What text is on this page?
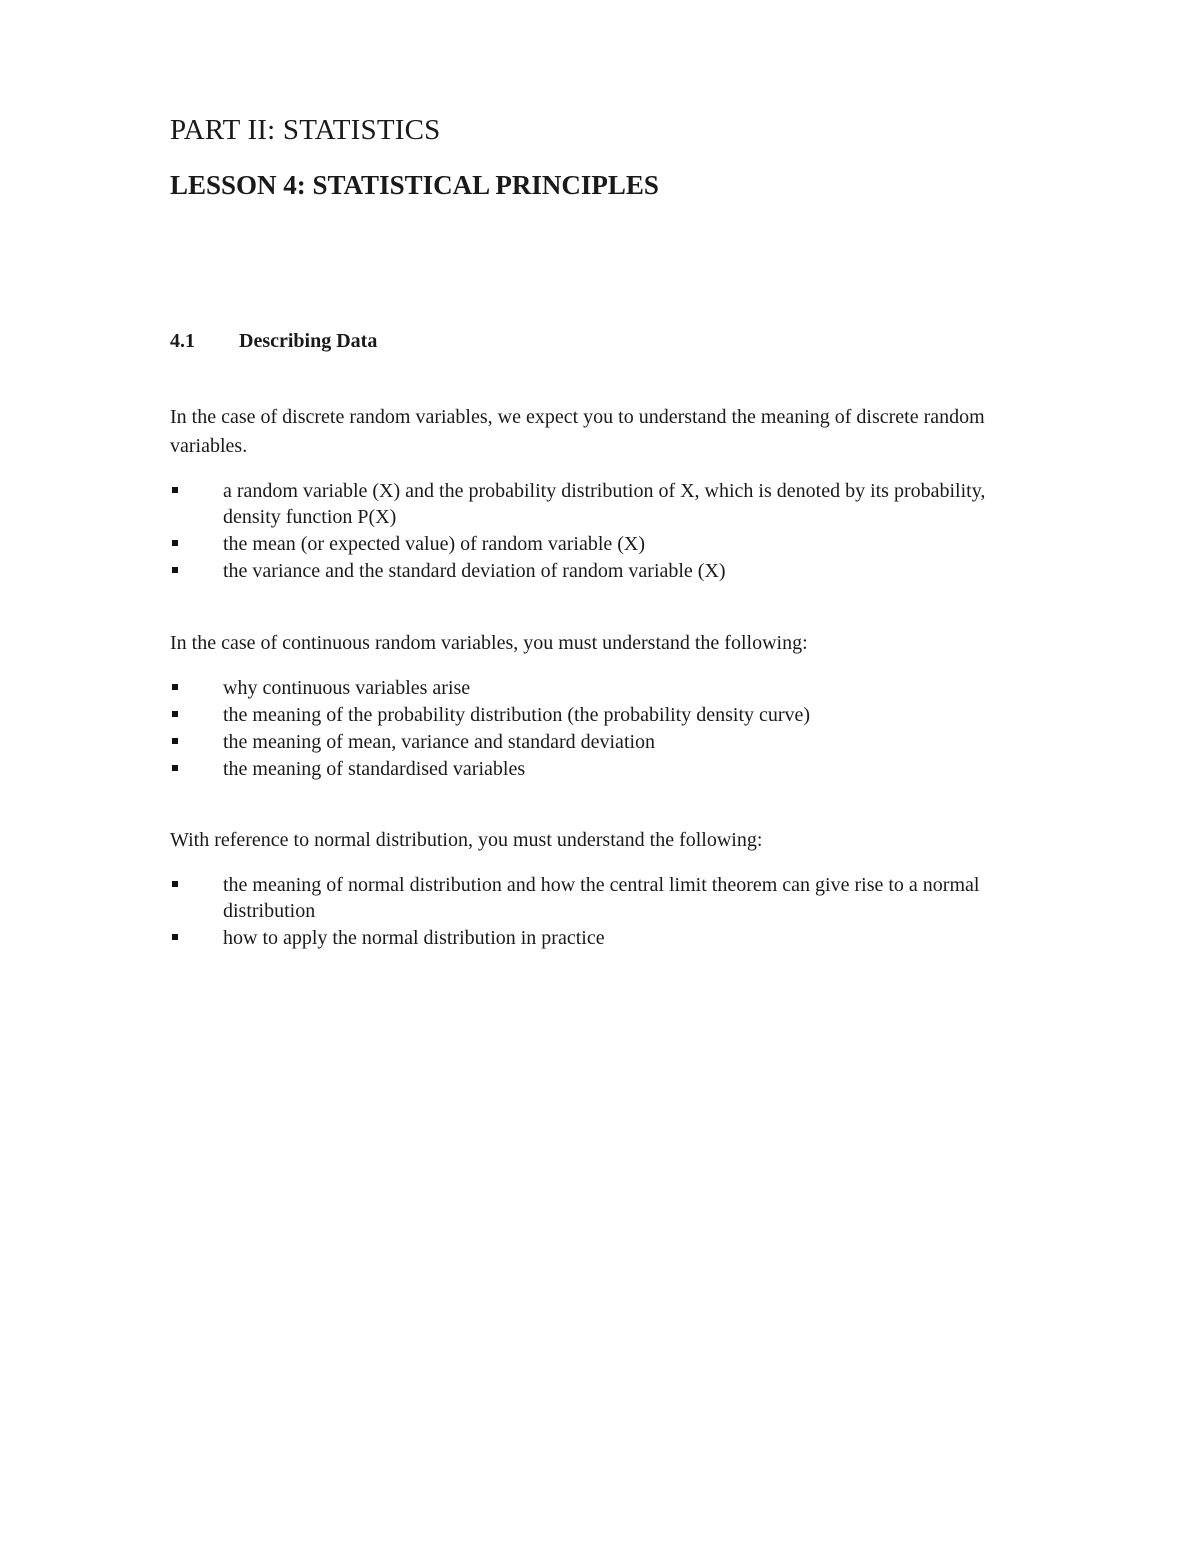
PART II: STATISTICS
LESSON 4: STATISTICAL PRINCIPLES
4.1 Describing Data

In the case of discrete random variables, we expect you to understand the meaning of discrete random variables.

a random variable (X) and the probability distribution of X, which is denoted by its probability, density function P(X)
the mean (or expected value) of random variable (X)
the variance and the standard deviation of random variable (X)

In the case of continuous random variables, you must understand the following:

why continuous variables arise
the meaning of the probability distribution (the probability density curve)
the meaning of mean, variance and standard deviation
the meaning of standardised variables

With reference to normal distribution, you must understand the following:

the meaning of normal distribution and how the central limit theorem can give rise to a normal distribution
how to apply the normal distribution in practice
